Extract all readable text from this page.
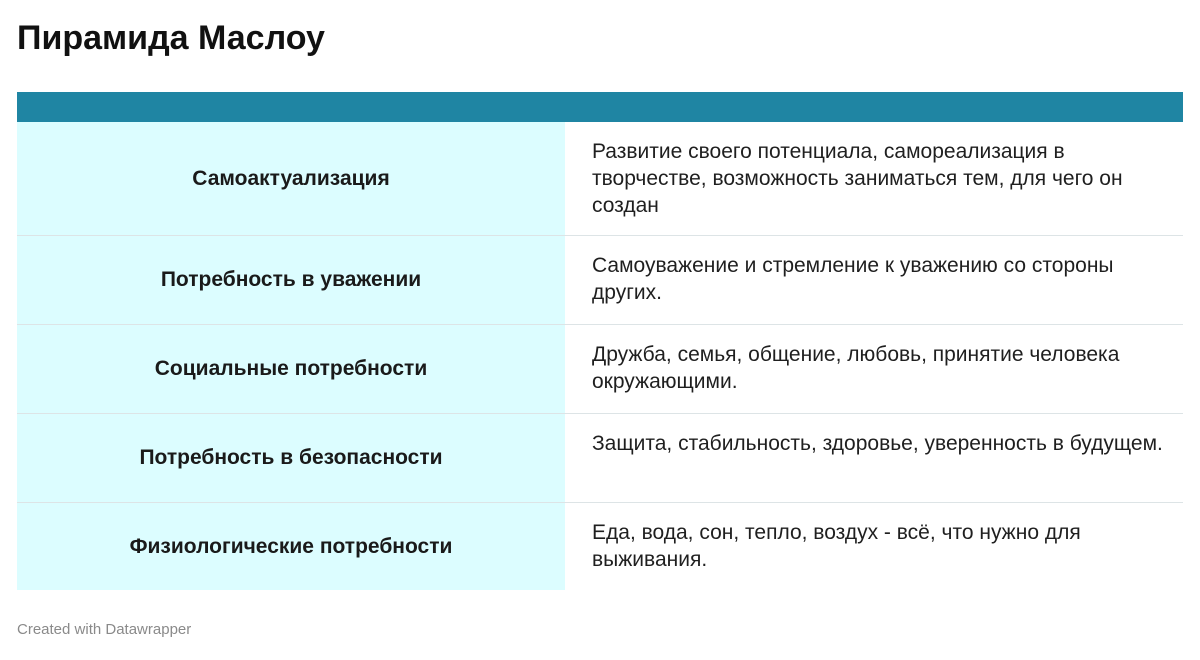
Пирамида Маслоу
Самоактуализация
Развитие своего потенциала, самореализация в творчестве, возможность заниматься тем, для чего он создан
Потребность в уважении
Самоуважение и стремление к уважению со стороны других.
Социальные потребности
Дружба, семья, общение, любовь, принятие человека окружающими.
Потребность в безопасности
Защита, стабильность, здоровье, уверенность в будущем.
Физиологические потребности
Еда, вода, сон, тепло, воздух - всё, что нужно для выживания.
Created with Datawrapper
